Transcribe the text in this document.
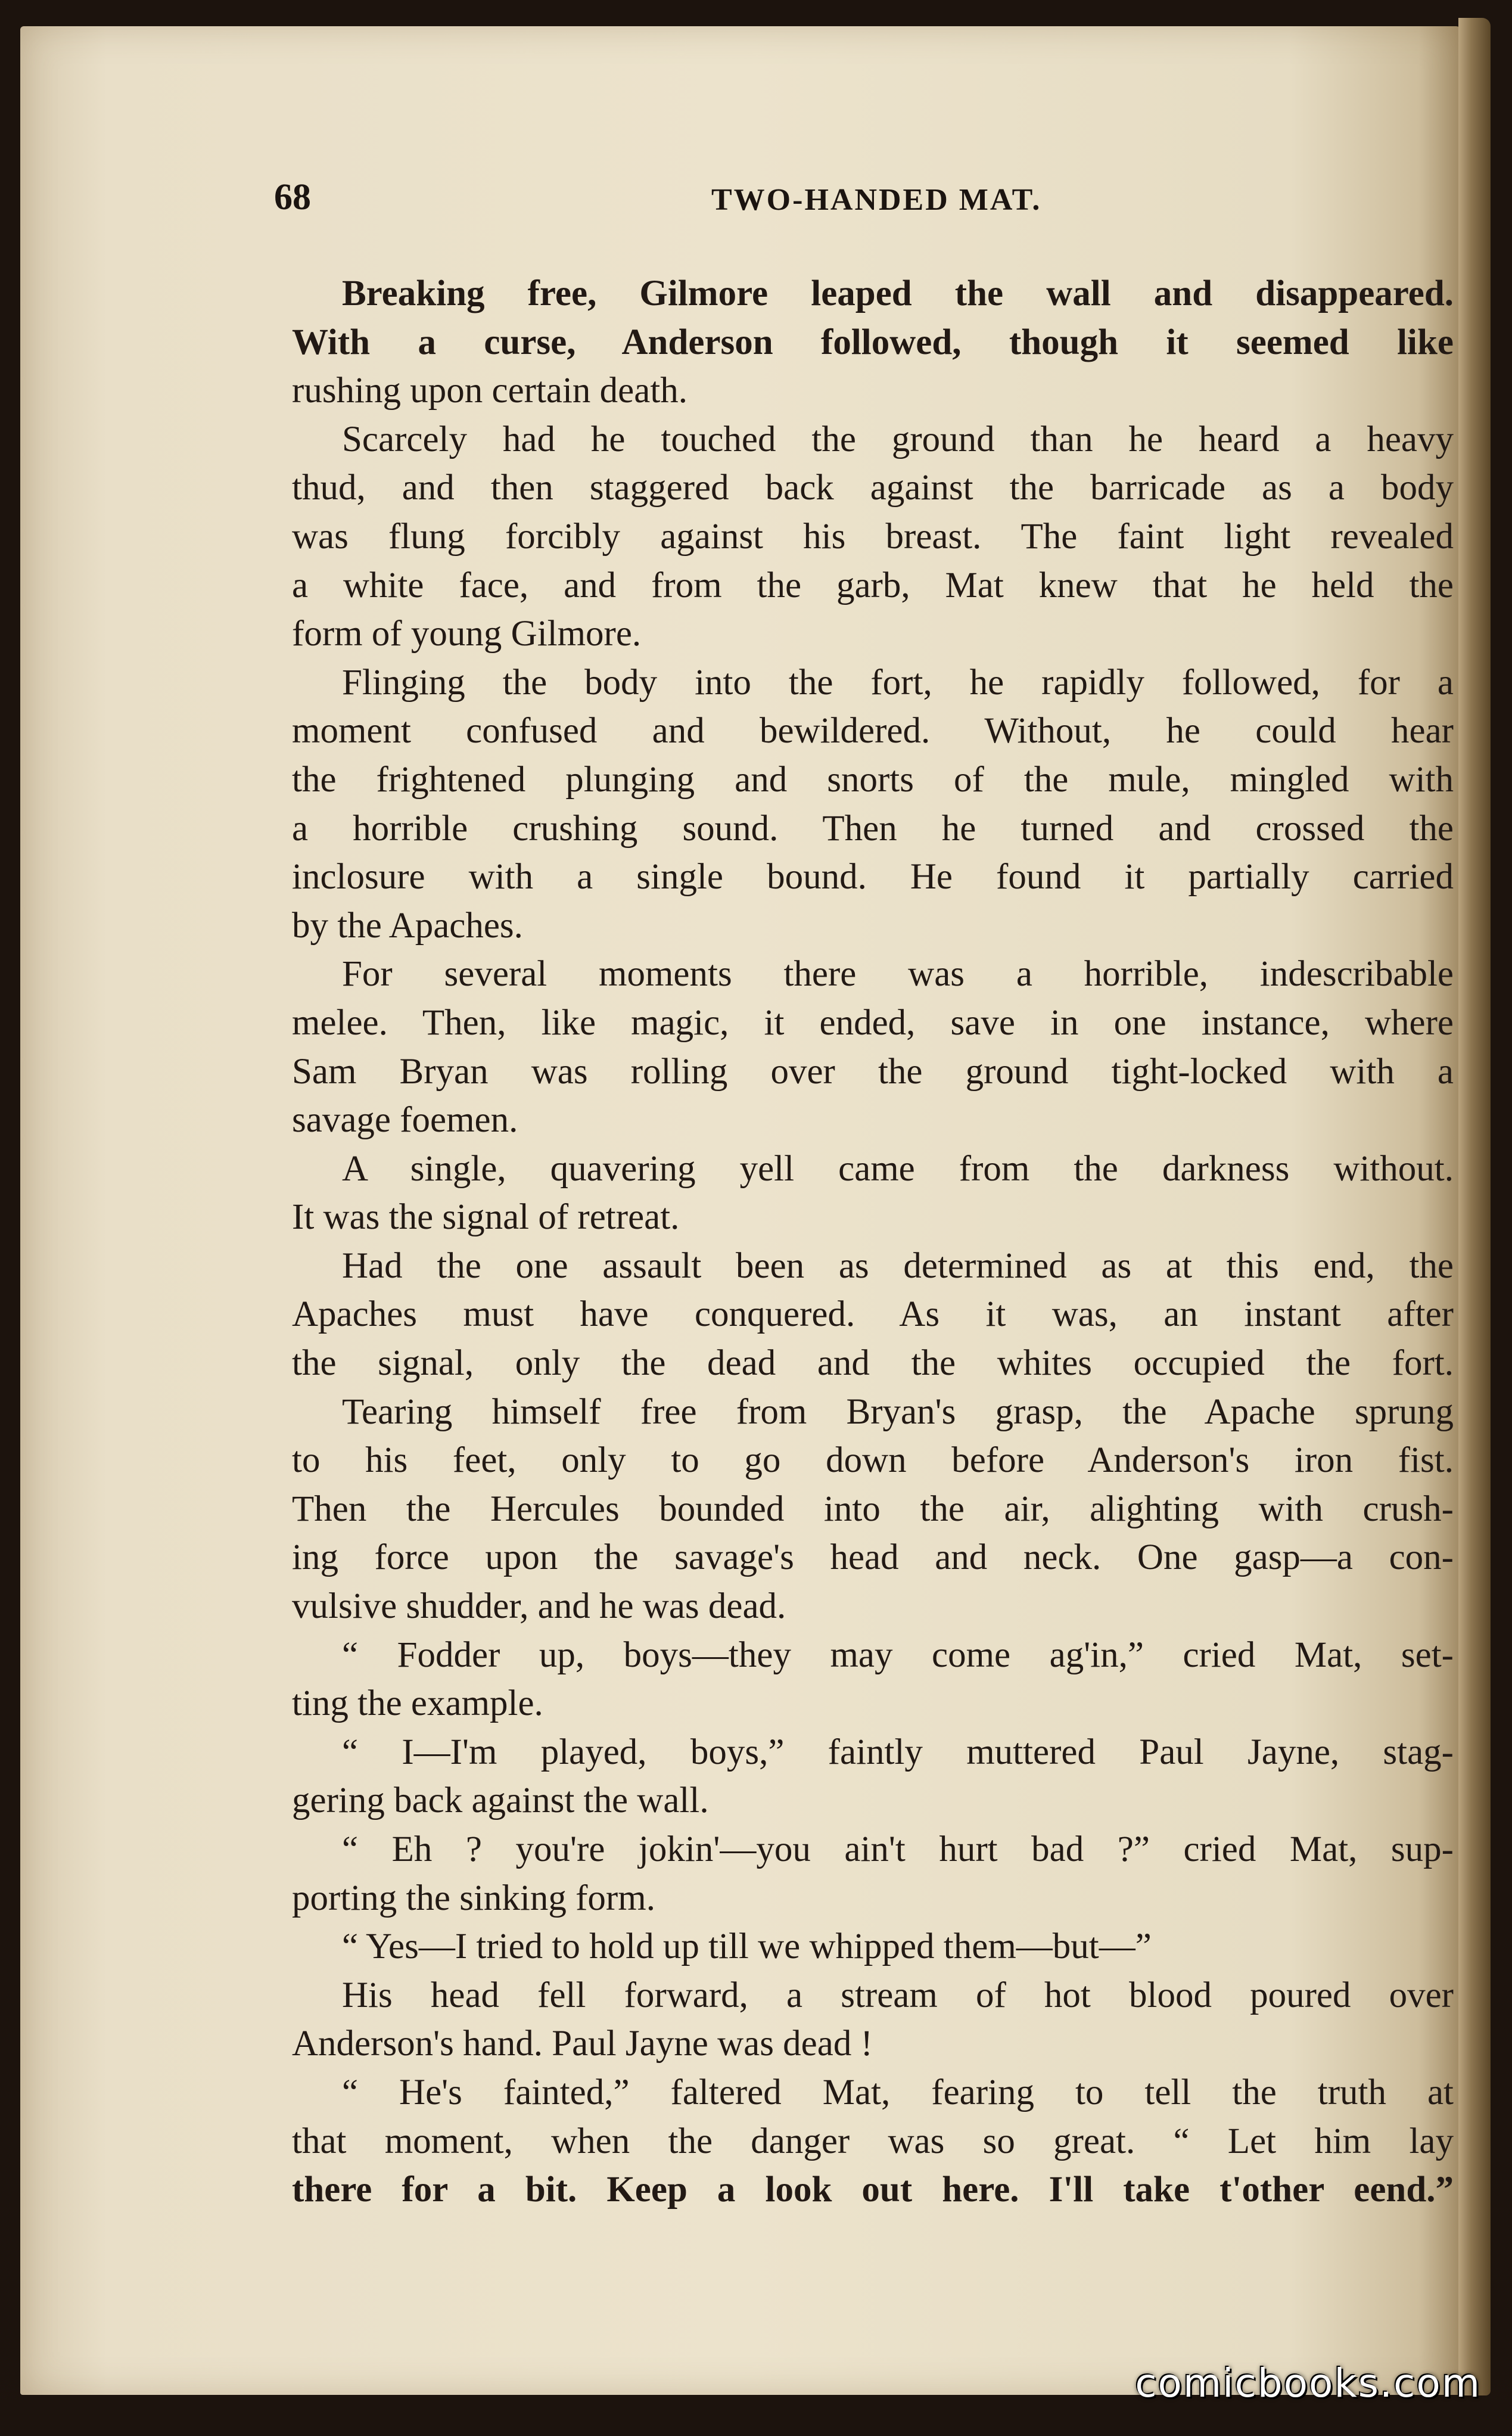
68	TWO-HANDED MAT.
Breaking free, Gilmore leaped the wall and disappeared.
With a curse, Anderson followed, though it seemed like
rushing upon certain death.
Scarcely had he touched the ground than he heard a heavy
thud, and then staggered back against the barricade as a body
was flung forcibly against his breast. The faint light revealed
a white face, and from the garb, Mat knew that he held the
form of young Gilmore.
Flinging the body into the fort, he rapidly followed, for a
moment confused and bewildered. Without, he could hear
the frightened plunging and snorts of the mule, mingled with
a horrible crushing sound. Then he turned and crossed the
inclosure with a single bound. He found it partially carried
by the Apaches.
For several moments there was a horrible, indescribable
melee. Then, like magic, it ended, save in one instance, where
Sam Bryan was rolling over the ground tight-locked with a
savage foemen.
A single, quavering yell came from the darkness without.
It was the signal of retreat.
Had the one assault been as determined as at this end, the
Apaches must have conquered. As it was, an instant after
the signal, only the dead and the whites occupied the fort.
Tearing himself free from Bryan's grasp, the Apache sprung
to his feet, only to go down before Anderson's iron fist.
Then the Hercules bounded into the air, alighting with crush-
ing force upon the savage's head and neck. One gasp—a con-
vulsive shudder, and he was dead.
“ Fodder up, boys—they may come ag'in,” cried Mat, set-
ting the example.
“ I—I'm played, boys,” faintly muttered Paul Jayne, stag-
gering back against the wall.
“ Eh ? you're jokin'—you ain't hurt bad ?” cried Mat, sup-
porting the sinking form.
“ Yes—I tried to hold up till we whipped them—but—”
His head fell forward, a stream of hot blood poured over
Anderson's hand. Paul Jayne was dead !
“ He's fainted,” faltered Mat, fearing to tell the truth at
that moment, when the danger was so great. “ Let him lay
there for a bit. Keep a look out here. I'll take t'other eend.”
comicbooks.com
